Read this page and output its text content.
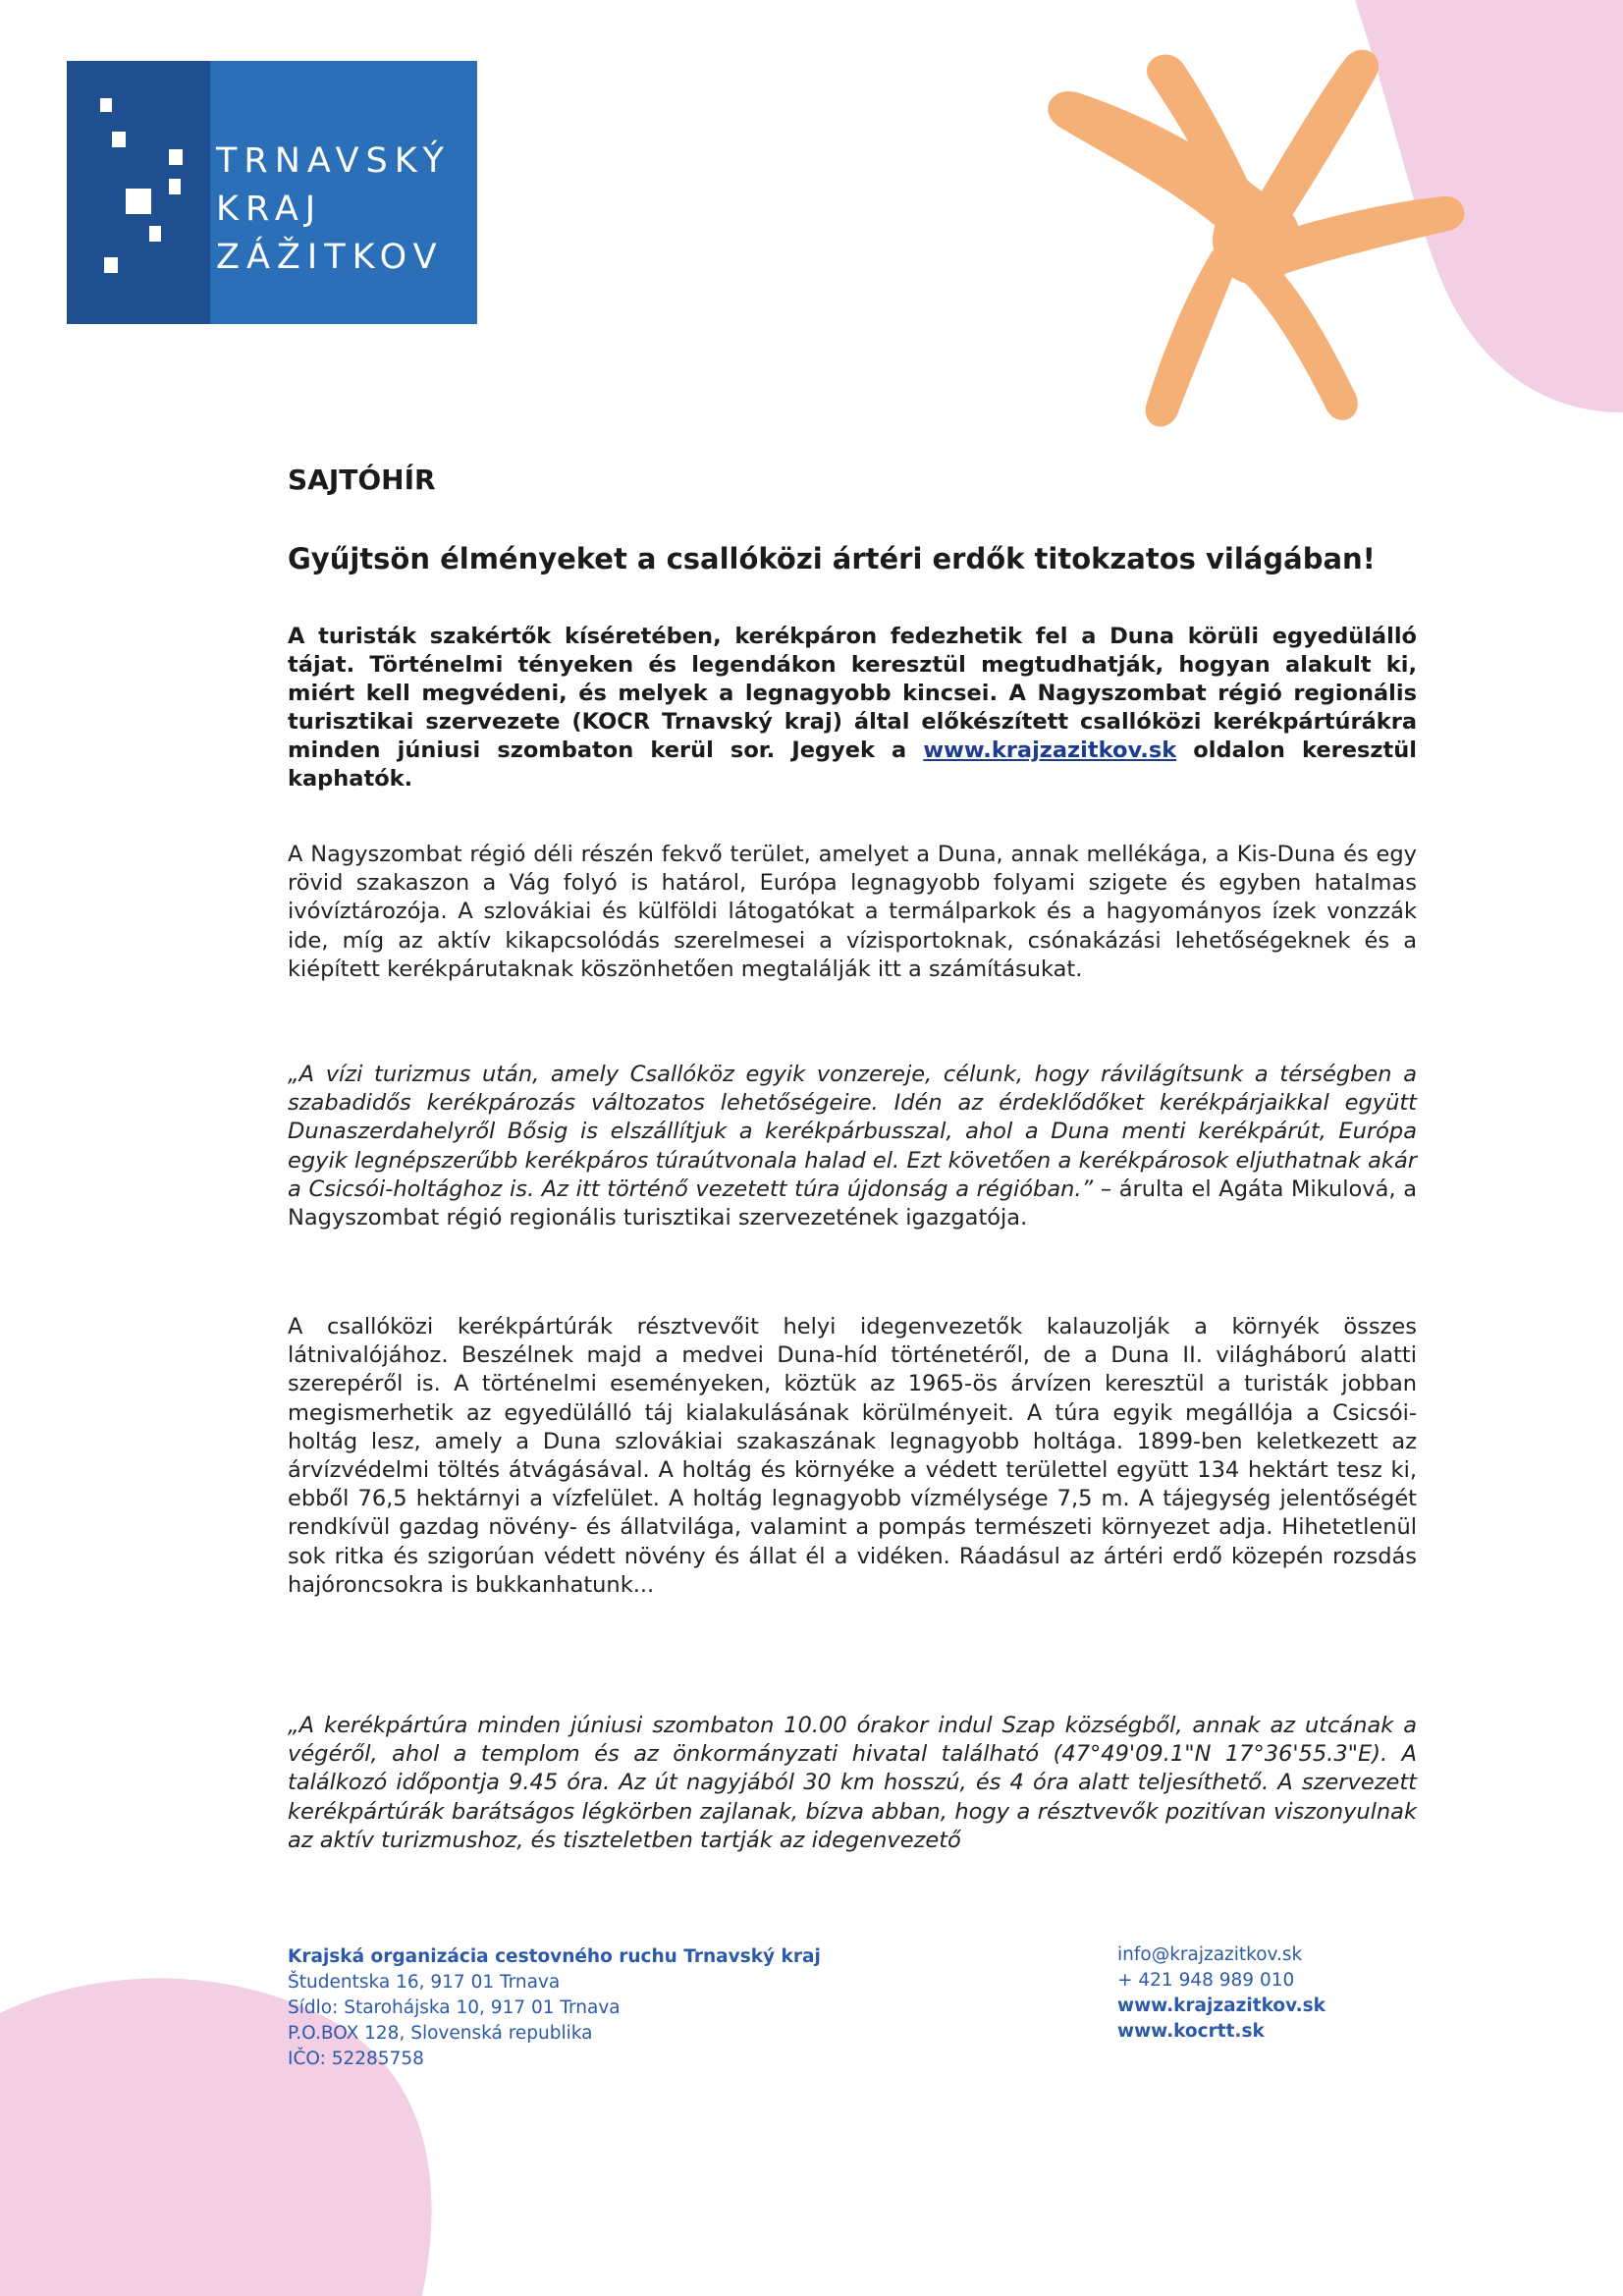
TRNAVSKÝ
KRAJ
ZÁŽITKOV
SAJTÓHÍR
Gyűjtsön élményeket a csallóközi ártéri erdők titokzatos világában!
A turisták szakértők kíséretében, kerékpáron fedezhetik fel a Duna körüli egyedülálló tájat. Történelmi tényeken és legendákon keresztül megtudhatják, hogyan alakult ki, miért kell megvédeni, és melyek a legnagyobb kincsei. A Nagyszombat régió regionális turisztikai szervezete (KOCR Trnavský kraj) által előkészített csallóközi kerékpártúrákra minden júniusi szombaton kerül sor. Jegyek a www.krajzazitkov.sk oldalon keresztül kaphatók.
A Nagyszombat régió déli részén fekvő terület, amelyet a Duna, annak mellékága, a Kis-Duna és egy rövid szakaszon a Vág folyó is határol, Európa legnagyobb folyami szigete és egyben hatalmas ivóvíztározója. A szlovákiai és külföldi látogatókat a termálparkok és a hagyományos ízek vonzzák ide, míg az aktív kikapcsolódás szerelmesei a vízisportoknak, csónakázási lehetőségeknek és a kiépített kerékpárutaknak köszönhetően megtalálják itt a számításukat.
„A vízi turizmus után, amely Csallóköz egyik vonzereje, célunk, hogy rávilágítsunk a térségben a szabadidős kerékpározás változatos lehetőségeire. Idén az érdeklődőket kerékpárjaikkal együtt Dunaszerdahelyről Bősig is elszállítjuk a kerékpárbusszal, ahol a Duna menti kerékpárút, Európa egyik legnépszerűbb kerékpáros túraútvonala halad el. Ezt követően a kerékpárosok eljuthatnak akár a Csicsói-holtághoz is. Az itt történő vezetett túra újdonság a régióban.” – árulta el Agáta Mikulová, a Nagyszombat régió regionális turisztikai szervezetének igazgatója.
A csallóközi kerékpártúrák résztvevőit helyi idegenvezetők kalauzolják a környék összes látnivalójához. Beszélnek majd a medvei Duna-híd történetéről, de a Duna II. világháború alatti szerepéről is. A történelmi eseményeken, köztük az 1965-ös árvízen keresztül a turisták jobban megismerhetik az egyedülálló táj kialakulásának körülményeit. A túra egyik megállója a Csicsói-holtág lesz, amely a Duna szlovákiai szakaszának legnagyobb holtága. 1899-ben keletkezett az árvízvédelmi töltés átvágásával. A holtág és környéke a védett területtel együtt 134 hektárt tesz ki, ebből 76,5 hektárnyi a vízfelület. A holtág legnagyobb vízmélysége 7,5 m. A tájegység jelentőségét rendkívül gazdag növény- és állatvilága, valamint a pompás természeti környezet adja. Hihetetlenül sok ritka és szigorúan védett növény és állat él a vidéken. Ráadásul az ártéri erdő közepén rozsdás hajóroncsokra is bukkanhatunk...
„A kerékpártúra minden júniusi szombaton 10.00 órakor indul Szap községből, annak az utcának a végéről, ahol a templom és az önkormányzati hivatal található (47°49'09.1"N 17°36'55.3"E). A találkozó időpontja 9.45 óra. Az út nagyjából 30 km hosszú, és 4 óra alatt teljesíthető. A szervezett kerékpártúrák barátságos légkörben zajlanak, bízva abban, hogy a résztvevők pozitívan viszonyulnak az aktív turizmushoz, és tiszteletben tartják az idegenvezető
Krajská organizácia cestovného ruchu Trnavský kraj
Študentska 16, 917 01 Trnava
Sídlo: Starohájska 10, 917 01 Trnava
P.O.BOX 128, Slovenská republika
IČO: 52285758
info@krajzazitkov.sk
+ 421 948 989 010
www.krajzazitkov.sk
www.kocrtt.sk
